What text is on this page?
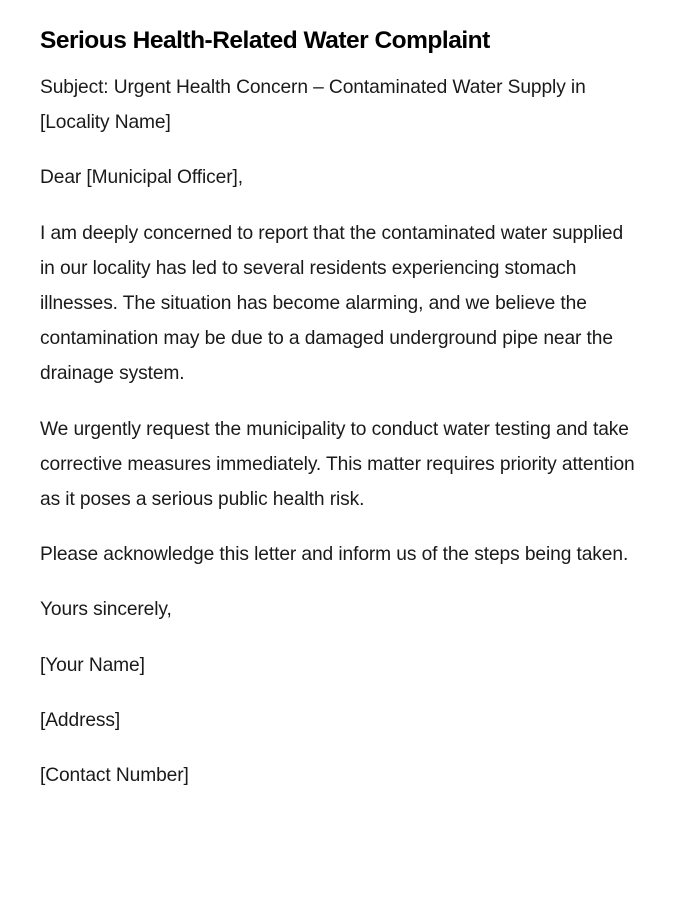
Serious Health-Related Water Complaint

Subject: Urgent Health Concern – Contaminated Water Supply in [Locality Name]

Dear [Municipal Officer],

I am deeply concerned to report that the contaminated water supplied in our locality has led to several residents experiencing stomach illnesses. The situation has become alarming, and we believe the contamination may be due to a damaged underground pipe near the drainage system.

We urgently request the municipality to conduct water testing and take corrective measures immediately. This matter requires priority attention as it poses a serious public health risk.

Please acknowledge this letter and inform us of the steps being taken.

Yours sincerely,

[Your Name]

[Address]

[Contact Number]
